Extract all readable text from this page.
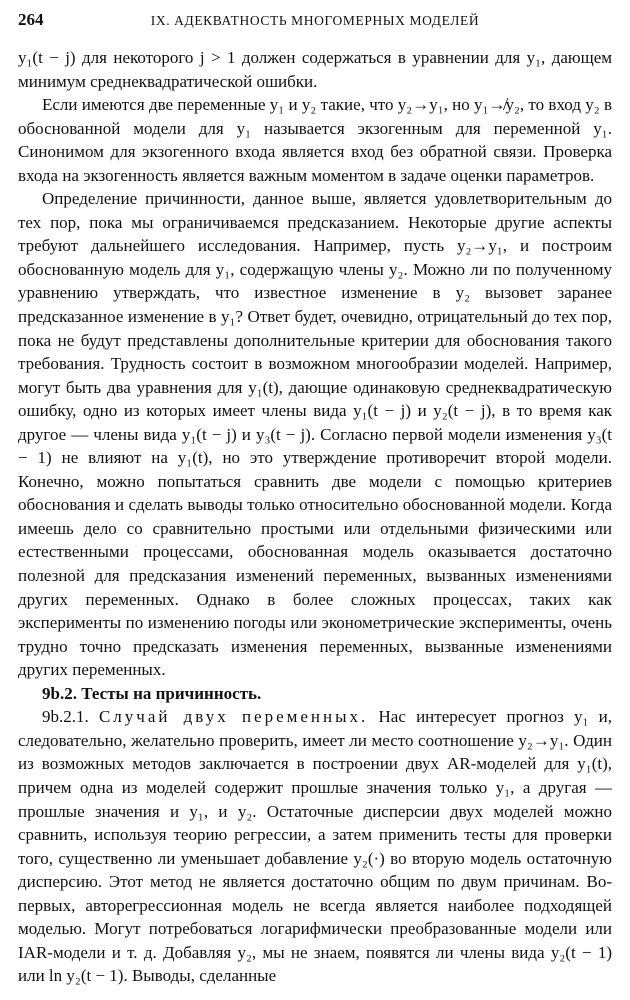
264	IX. АДЕКВАТНОСТЬ МНОГОМЕРНЫХ МОДЕЛЕЙ

y₁(t − j) для некоторого j > 1 должен содержаться в уравнении для y₁, дающем минимум среднеквадратической ошибки.

Если имеются две переменные y₁ и y₂ такие, что y₂→y₁, но y₁↛y₂, то вход y₂ в обоснованной модели для y₁ называется экзогенным для переменной y₁. Синонимом для экзогенного входа является вход без обратной связи. Проверка входа на экзогенность является важным моментом в задаче оценки параметров.

Определение причинности, данное выше, является удовлетворительным до тех пор, пока мы ограничиваемся предсказанием. Некоторые другие аспекты требуют дальнейшего исследования. Например, пусть y₂→y₁, и построим обоснованную модель для y₁, содержащую члены y₂. Можно ли по полученному уравнению утверждать, что известное изменение в y₂ вызовет заранее предсказанное изменение в y₁? Ответ будет, очевидно, отрицательный до тех пор, пока не будут представлены дополнительные критерии для обоснования такого требования. Трудность состоит в возможном многообразии моделей. Например, могут быть два уравнения для y₁(t), дающие одинаковую среднеквадратическую ошибку, одно из которых имеет члены вида y₁(t − j) и y₂(t − j), в то время как другое — члены вида y₁(t − j) и y₃(t − j). Согласно первой модели изменения y₃(t − 1) не влияют на y₁(t), но это утверждение противоречит второй модели. Конечно, можно попытаться сравнить две модели с помощью критериев обоснования и сделать выводы только относительно обоснованной модели. Когда имеешь дело со сравнительно простыми или отдельными физическими или естественными процессами, обоснованная модель оказывается достаточно полезной для предсказания изменений переменных, вызванных изменениями других переменных. Однако в более сложных процессах, таких как эксперименты по изменению погоды или эконометрические эксперименты, очень трудно точно предсказать изменения переменных, вызванные изменениями других переменных.

9b.2. Тесты на причинность.

9b.2.1. Случай двух переменных. Нас интересует прогноз y₁ и, следовательно, желательно проверить, имеет ли место соотношение y₂→y₁. Один из возможных методов заключается в построении двух AR-моделей для y₁(t), причем одна из моделей содержит прошлые значения только y₁, а другая — прошлые значения и y₁, и y₂. Остаточные дисперсии двух моделей можно сравнить, используя теорию регрессии, а затем применить тесты для проверки того, существенно ли уменьшает добавление y₂(·) во вторую модель остаточную дисперсию. Этот метод не является достаточно общим по двум причинам. Во-первых, авторегрессионная модель не всегда является наиболее подходящей моделью. Могут потребоваться логарифмически преобразованные модели или IAR-модели и т. д. Добавляя y₂, мы не знаем, появятся ли члены вида y₂(t − 1) или ln y₂(t − 1). Выводы, сделанные
